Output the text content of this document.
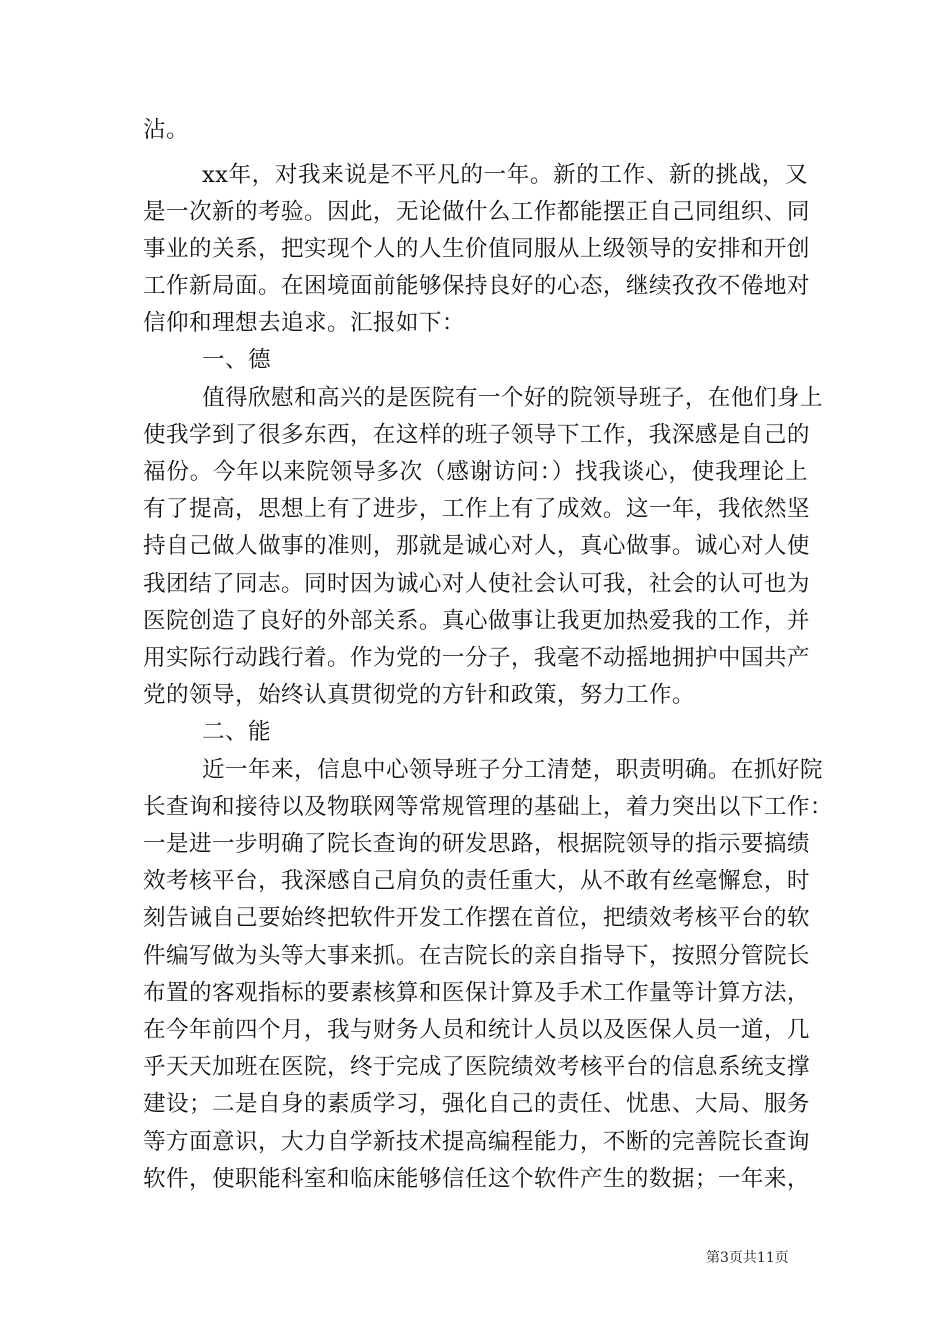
沾。
xx年，对我来说是不平凡的一年。新的工作、新的挑战，又
是一次新的考验。因此，无论做什么工作都能摆正自己同组织、同
事业的关系，把实现个人的人生价值同服从上级领导的安排和开创
工作新局面。在困境面前能够保持良好的心态，继续孜孜不倦地对
信仰和理想去追求。汇报如下：
一、德
值得欣慰和高兴的是医院有一个好的院领导班子，在他们身上
使我学到了很多东西，在这样的班子领导下工作，我深感是自己的
福份。今年以来院领导多次（感谢访问：）找我谈心，使我理论上
有了提高，思想上有了进步，工作上有了成效。这一年，我依然坚
持自己做人做事的准则，那就是诚心对人，真心做事。诚心对人使
我团结了同志。同时因为诚心对人使社会认可我，社会的认可也为
医院创造了良好的外部关系。真心做事让我更加热爱我的工作，并
用实际行动践行着。作为党的一分子，我毫不动摇地拥护中国共产
党的领导，始终认真贯彻党的方针和政策，努力工作。
二、能
近一年来，信息中心领导班子分工清楚，职责明确。在抓好院
长查询和接待以及物联网等常规管理的基础上，着力突出以下工作：
一是进一步明确了院长查询的研发思路，根据院领导的指示要搞绩
效考核平台，我深感自己肩负的责任重大，从不敢有丝毫懈怠，时
刻告诫自己要始终把软件开发工作摆在首位，把绩效考核平台的软
件编写做为头等大事来抓。在吉院长的亲自指导下，按照分管院长
布置的客观指标的要素核算和医保计算及手术工作量等计算方法，
在今年前四个月，我与财务人员和统计人员以及医保人员一道，几
乎天天加班在医院，终于完成了医院绩效考核平台的信息系统支撑
建设；二是自身的素质学习，强化自己的责任、忧患、大局、服务
等方面意识，大力自学新技术提高编程能力，不断的完善院长查询
软件，使职能科室和临床能够信任这个软件产生的数据；一年来，
第3页共11页
